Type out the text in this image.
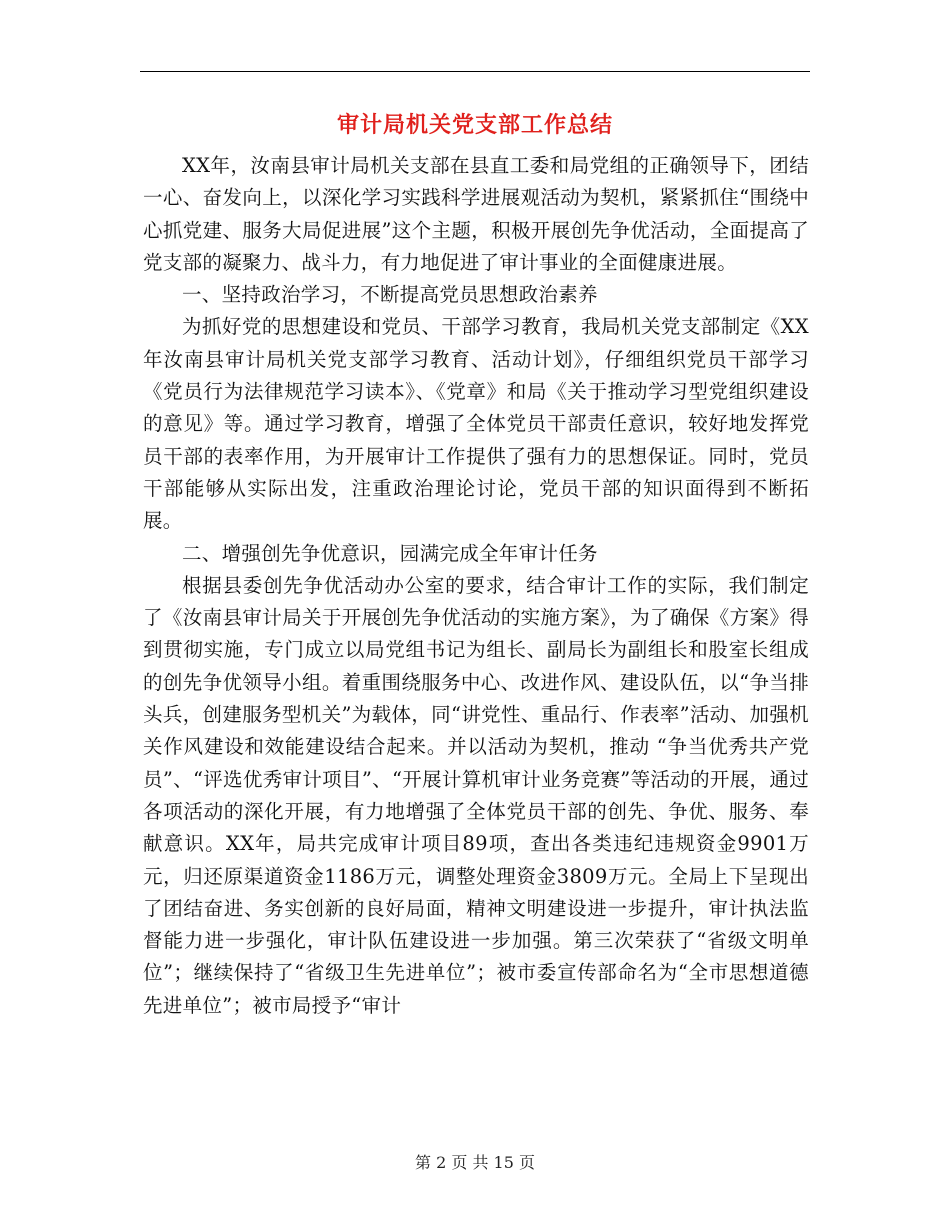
审计局机关党支部工作总结

XX年，汝南县审计局机关支部在县直工委和局党组的正确领导下，团结一心、奋发向上，以深化学习实践科学进展观活动为契机，紧紧抓住“围绕中心抓党建、服务大局促进展”这个主题，积极开展创先争优活动，全面提高了党支部的凝聚力、战斗力，有力地促进了审计事业的全面健康进展。

一、坚持政治学习，不断提高党员思想政治素养

为抓好党的思想建设和党员、干部学习教育，我局机关党支部制定《XX年汝南县审计局机关党支部学习教育、活动计划》，仔细组织党员干部学习《党员行为法律规范学习读本》、《党章》和局《关于推动学习型党组织建设的意见》等。通过学习教育，增强了全体党员干部责任意识，较好地发挥党员干部的表率作用，为开展审计工作提供了强有力的思想保证。同时，党员干部能够从实际出发，注重政治理论讨论，党员干部的知识面得到不断拓展。

二、增强创先争优意识，园满完成全年审计任务

根据县委创先争优活动办公室的要求，结合审计工作的实际，我们制定了《汝南县审计局关于开展创先争优活动的实施方案》，为了确保《方案》得到贯彻实施，专门成立以局党组书记为组长、副局长为副组长和股室长组成的创先争优领导小组。着重围绕服务中心、改进作风、建设队伍，以“争当排头兵，创建服务型机关”为载体，同“讲党性、重品行、作表率”活动、加强机关作风建设和效能建设结合起来。并以活动为契机，推动 “争当优秀共产党员”、“评选优秀审计项目”、“开展计算机审计业务竞赛”等活动的开展，通过各项活动的深化开展，有力地增强了全体党员干部的创先、争优、服务、奉献意识。XX年，局共完成审计项目89项，查出各类违纪违规资金9901万元，归还原渠道资金1186万元，调整处理资金3809万元。全局上下呈现出了团结奋进、务实创新的良好局面，精神文明建设进一步提升，审计执法监督能力进一步强化，审计队伍建设进一步加强。第三次荣获了“省级文明单位”；继续保持了“省级卫生先进单位”；被市委宣传部命名为“全市思想道德先进单位”；被市局授予“审计

第 2 页 共 15 页
